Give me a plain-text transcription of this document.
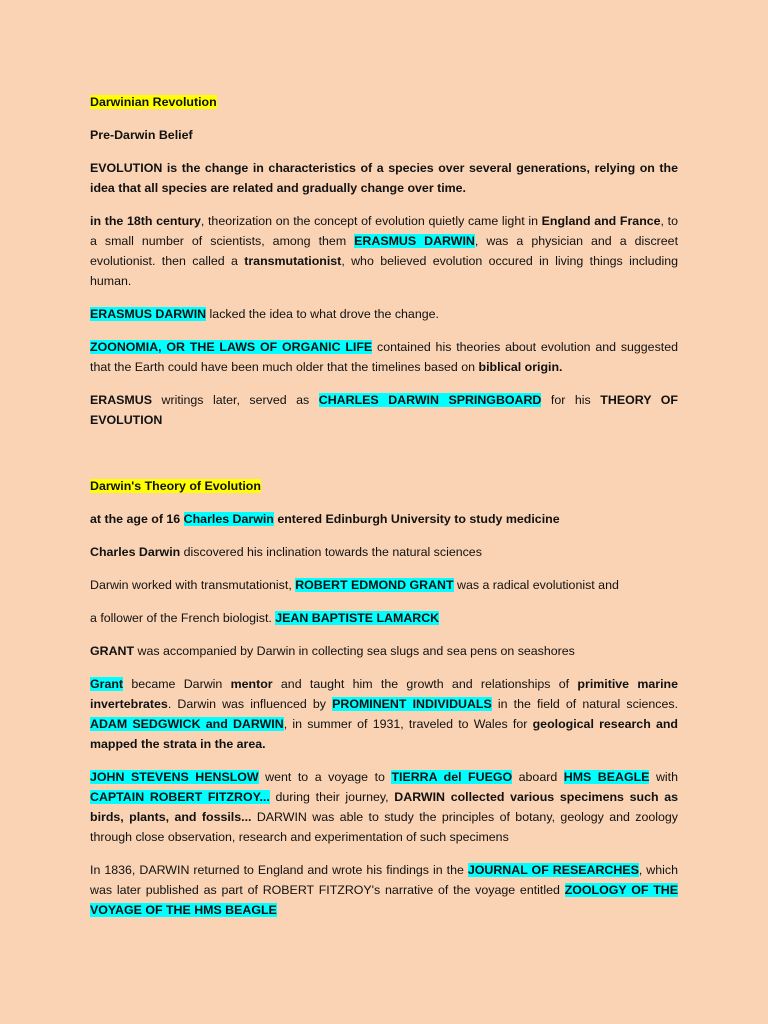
Darwinian Revolution

Pre-Darwin Belief

EVOLUTION is the change in characteristics of a species over several generations, relying on the idea that all species are related and gradually change over time.

in the 18th century, theorization on the concept of evolution quietly came light in England and France, to a small number of scientists, among them ERASMUS DARWIN, was a physician and a discreet evolutionist. then called a transmutationist, who believed evolution occured in living things including human.

ERASMUS DARWIN lacked the idea to what drove the change.

ZOONOMIA, OR THE LAWS OF ORGANIC LIFE contained his theories about evolution and suggested that the Earth could have been much older that the timelines based on biblical origin.

ERASMUS writings later, served as CHARLES DARWIN SPRINGBOARD for his THEORY OF EVOLUTION

Darwin's Theory of Evolution

at the age of 16 Charles Darwin entered Edinburgh University to study medicine

Charles Darwin discovered his inclination towards the natural sciences

Darwin worked with transmutationist, ROBERT EDMOND GRANT was a radical evolutionist and

a follower of the French biologist. JEAN BAPTISTE LAMARCK

GRANT was accompanied by Darwin in collecting sea slugs and sea pens on seashores

Grant became Darwin mentor and taught him the growth and relationships of primitive marine invertebrates. Darwin was influenced by PROMINENT INDIVIDUALS in the field of natural sciences. ADAM SEDGWICK and DARWIN, in summer of 1931, traveled to Wales for geological research and mapped the strata in the area.

JOHN STEVENS HENSLOW went to a voyage to TIERRA del FUEGO aboard HMS BEAGLE with CAPTAIN ROBERT FITZROY... during their journey, DARWIN collected various specimens such as birds, plants, and fossils... DARWIN was able to study the principles of botany, geology and zoology through close observation, research and experimentation of such specimens

In 1836, DARWIN returned to England and wrote his findings in the JOURNAL OF RESEARCHES, which was later published as part of ROBERT FITZROY's narrative of the voyage entitled ZOOLOGY OF THE VOYAGE OF THE HMS BEAGLE
